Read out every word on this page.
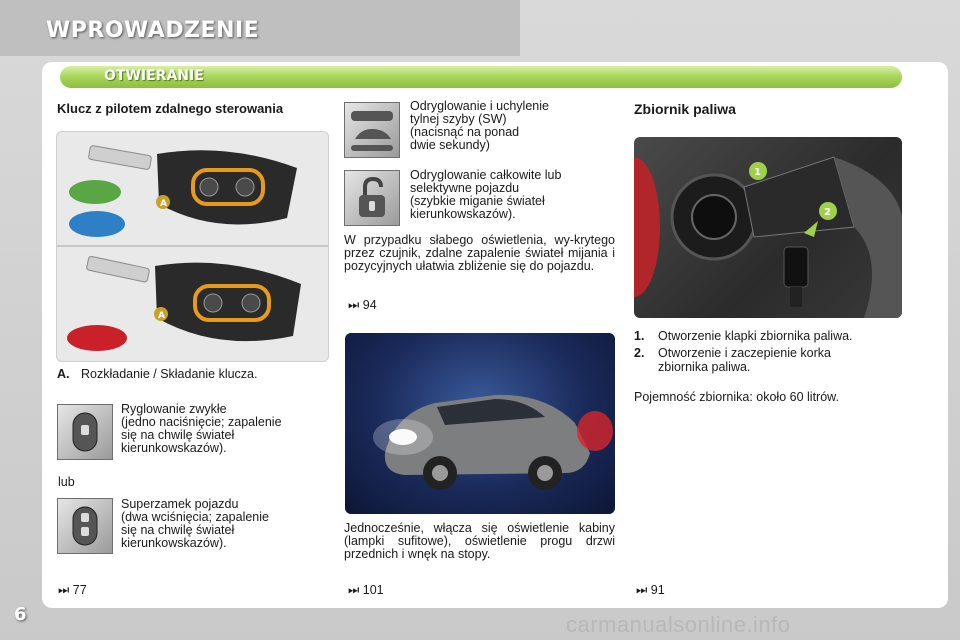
WPROWADZENIE
OTWIERANIE
Klucz z pilotem zdalnego sterowania
A
A
A. Rozkładanie / Składanie klucza.
Ryglowanie zwykłe
(jedno naciśnięcie; zapalenie
się na chwilę świateł
kierunkowskazów).
lub
Superzamek pojazdu
(dwa wciśnięcia; zapalenie
się na chwilę świateł
kierunkowskazów).
⏭ 77
Odryglowanie i uchylenie
tylnej szyby (SW)
(nacisnąć na ponad
dwie sekundy)
Odryglowanie całkowite lub
selektywne pojazdu
(szybkie miganie świateł
kierunkowskazów).
W przypadku słabego oświetlenia, wy-krytego przez czujnik, zdalne zapalenie świateł mijania i pozycyjnych ułatwia zbliżenie się do pojazdu.
⏭ 94
Jednocześnie, włącza się oświetlenie kabiny (lampki sufitowe), oświetlenie progu drzwi przednich i wnęk na stopy.
⏭ 101
Zbiornik paliwa
1
2
1. Otworzenie klapki zbiornika paliwa.
2. Otworzenie i zaczepienie korka
zbiornika paliwa.
Pojemność zbiornika: około 60 litrów.
⏭ 91
6	carmanualsonline.info
